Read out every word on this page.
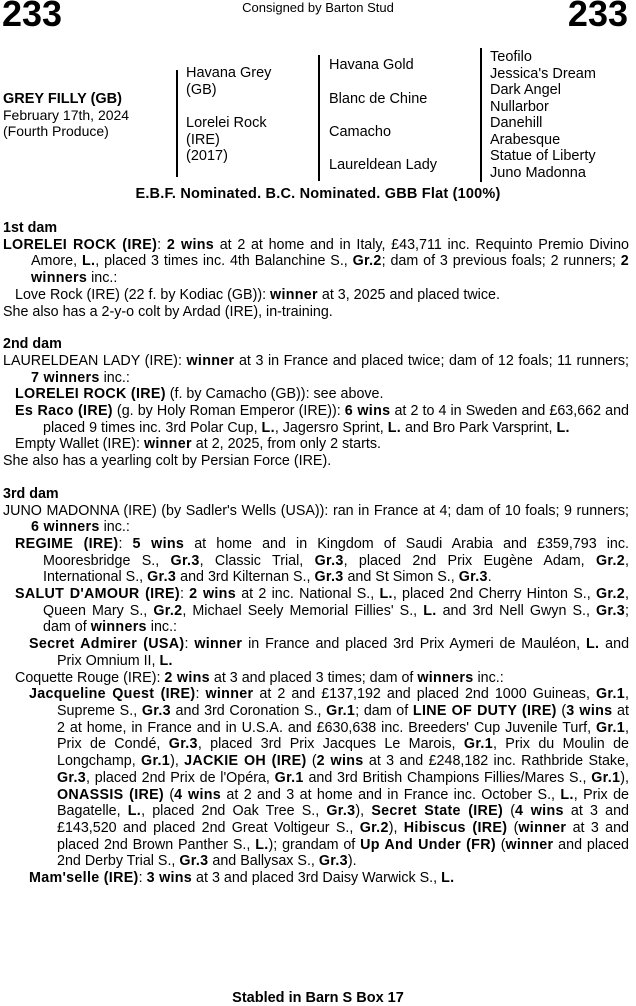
233	Consigned by Barton Stud	233
GREY FILLY (GB)
February 17th, 2024
(Fourth Produce)
Havana Grey
(GB)
Lorelei Rock
(IRE)
(2017)
Havana Gold
Blanc de Chine
Camacho
Laureldean Lady
Teofilo
Jessica's Dream
Dark Angel
Nullarbor
Danehill
Arabesque
Statue of Liberty
Juno Madonna
E.B.F. Nominated. B.C. Nominated. GBB Flat (100%)
1st dam
LORELEI ROCK (IRE): 2 wins at 2 at home and in Italy, £43,711 inc. Requinto Premio Divino Amore, L., placed 3 times inc. 4th Balanchine S., Gr.2; dam of 3 previous foals; 2 runners; 2 winners inc.:
Love Rock (IRE) (22 f. by Kodiac (GB)): winner at 3, 2025 and placed twice.
She also has a 2-y-o colt by Ardad (IRE), in-training.
2nd dam
LAURELDEAN LADY (IRE): winner at 3 in France and placed twice; dam of 12 foals; 11 runners; 7 winners inc.:
LORELEI ROCK (IRE) (f. by Camacho (GB)): see above.
Es Raco (IRE) (g. by Holy Roman Emperor (IRE)): 6 wins at 2 to 4 in Sweden and £63,662 and placed 9 times inc. 3rd Polar Cup, L., Jagersro Sprint, L. and Bro Park Varsprint, L.
Empty Wallet (IRE): winner at 2, 2025, from only 2 starts.
She also has a yearling colt by Persian Force (IRE).
3rd dam
JUNO MADONNA (IRE) (by Sadler's Wells (USA)): ran in France at 4; dam of 10 foals; 9 runners; 6 winners inc.:
REGIME (IRE): 5 wins at home and in Kingdom of Saudi Arabia and £359,793 inc. Mooresbridge S., Gr.3, Classic Trial, Gr.3, placed 2nd Prix Eugène Adam, Gr.2, International S., Gr.3 and 3rd Kilternan S., Gr.3 and St Simon S., Gr.3.
SALUT D'AMOUR (IRE): 2 wins at 2 inc. National S., L., placed 2nd Cherry Hinton S., Gr.2, Queen Mary S., Gr.2, Michael Seely Memorial Fillies' S., L. and 3rd Nell Gwyn S., Gr.3; dam of winners inc.:
Secret Admirer (USA): winner in France and placed 3rd Prix Aymeri de Mauléon, L. and Prix Omnium II, L.
Coquette Rouge (IRE): 2 wins at 3 and placed 3 times; dam of winners inc.:
Jacqueline Quest (IRE): winner at 2 and £137,192 and placed 2nd 1000 Guineas, Gr.1, Supreme S., Gr.3 and 3rd Coronation S., Gr.1; dam of LINE OF DUTY (IRE) (3 wins at 2 at home, in France and in U.S.A. and £630,638 inc. Breeders' Cup Juvenile Turf, Gr.1, Prix de Condé, Gr.3, placed 3rd Prix Jacques Le Marois, Gr.1, Prix du Moulin de Longchamp, Gr.1), JACKIE OH (IRE) (2 wins at 3 and £248,182 inc. Rathbride Stake, Gr.3, placed 2nd Prix de l'Opéra, Gr.1 and 3rd British Champions Fillies/Mares S., Gr.1), ONASSIS (IRE) (4 wins at 2 and 3 at home and in France inc. October S., L., Prix de Bagatelle, L., placed 2nd Oak Tree S., Gr.3), Secret State (IRE) (4 wins at 3 and £143,520 and placed 2nd Great Voltigeur S., Gr.2), Hibiscus (IRE) (winner at 3 and placed 2nd Brown Panther S., L.); grandam of Up And Under (FR) (winner and placed 2nd Derby Trial S., Gr.3 and Ballysax S., Gr.3).
Mam'selle (IRE): 3 wins at 3 and placed 3rd Daisy Warwick S., L.
Stabled in Barn S Box 17
